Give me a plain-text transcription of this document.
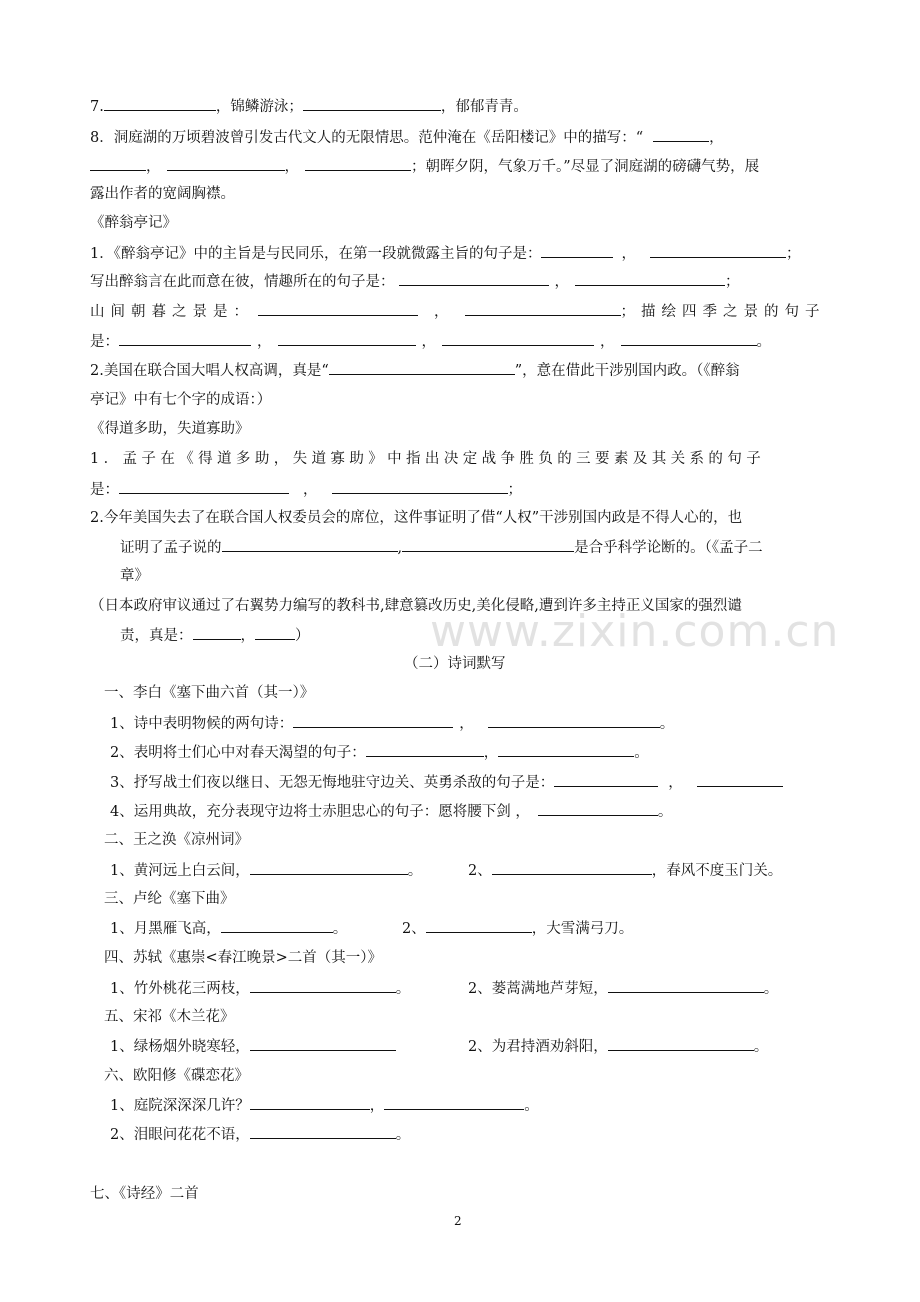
www.zixin.com.cn
7.	，锦鳞游泳；	，郁郁青青。
8．洞庭湖的万顷碧波曾引发古代文人的无限情思。范仲淹在《岳阳楼记》中的描写：“	，
，	，	；朝晖夕阴，气象万千。”尽显了洞庭湖的磅礴气势，展
露出作者的宽阔胸襟。
《醉翁亭记》
1．《醉翁亭记》中的主旨是与民同乐，在第一段就微露主旨的句子是：	，	；
写出醉翁言在此而意在彼，情趣所在的句子是：	，	；
山间朝暮之景是：	，	；描绘四季之景的句子
是：	，	，	，	。
2.美国在联合国大唱人权高调，真是“	”，意在借此干涉别国内政。（《醉翁
亭记》中有七个字的成语：）
《得道多助，失道寡助》
1．孟子在《得道多助，失道寡助》中指出决定战争胜负的三要素及其关系的句子
是：	，	；
2.今年美国失去了在联合国人权委员会的席位，这件事证明了借“人权”干涉别国内政是不得人心的，也
证明了孟子说的	,	是合乎科学论断的。（《孟子二
章》
（日本政府审议通过了右翼势力编写的教科书,肆意篡改历史,美化侵略,遭到许多主持正义国家的强烈谴
责，真是：	，	）
（二）诗词默写
一、李白《塞下曲六首（其一）》
1、诗中表明物候的两句诗：	，	。
2、表明将士们心中对春天渴望的句子：	，	。
3、抒写战士们夜以继日、无怨无悔地驻守边关、英勇杀敌的句子是：	，
4、运用典故，充分表现守边将士赤胆忠心的句子：愿将腰下剑 ，	。
二、王之涣《凉州词》
1、黄河远上白云间，	。	2、	，春风不度玉门关。
三、卢纶《塞下曲》
1、月黑雁飞高，	。	2、	，大雪满弓刀。
四、苏轼《惠崇<春江晚景>二首（其一）》
1、竹外桃花三两枝，	。	2、蒌蒿满地芦芽短，	。
五、宋祁《木兰花》
1、绿杨烟外晓寒轻，	2、为君持酒劝斜阳，	。
六、欧阳修《碟恋花》
1、庭院深深深几许？	，	。
2、泪眼问花花不语，	。
七、《诗经》二首
2
